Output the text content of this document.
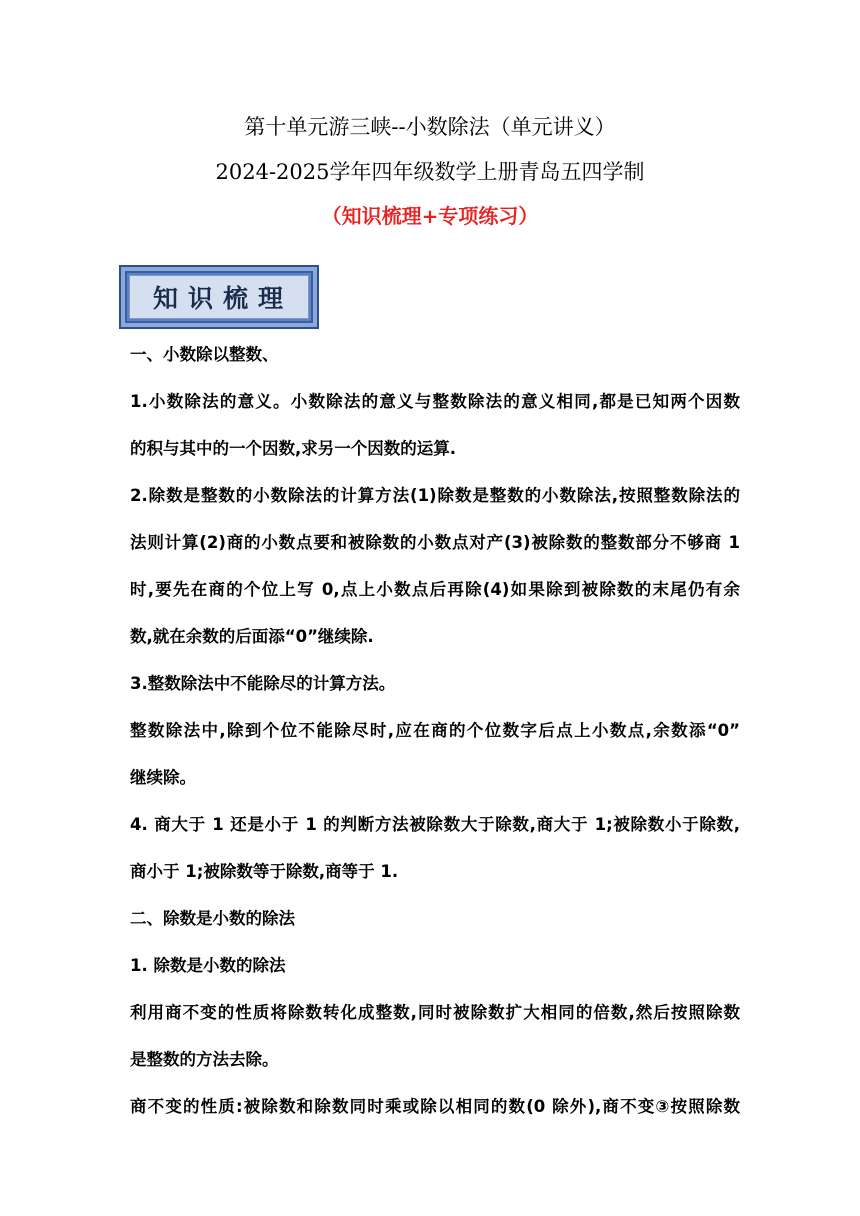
第十单元游三峡--小数除法（单元讲义）
2024-2025学年四年级数学上册青岛五四学制
（知识梳理+专项练习）
知识梳理

一、小数除以整数、

1.小数除法的意义。小数除法的意义与整数除法的意义相同,都是已知两个因数

的积与其中的一个因数,求另一个因数的运算.

2.除数是整数的小数除法的计算方法(1)除数是整数的小数除法,按照整数除法的

法则计算(2)商的小数点要和被除数的小数点对产(3)被除数的整数部分不够商 1

时,要先在商的个位上写 0,点上小数点后再除(4)如果除到被除数的末尾仍有余

数,就在余数的后面添“0”继续除.

3.整数除法中不能除尽的计算方法。

整数除法中,除到个位不能除尽时,应在商的个位数字后点上小数点,余数添“0”

继续除。

4. 商大于 1 还是小于 1 的判断方法被除数大于除数,商大于 1;被除数小于除数,

商小于 1;被除数等于除数,商等于 1.

二、除数是小数的除法

1. 除数是小数的除法

利用商不变的性质将除数转化成整数,同时被除数扩大相同的倍数,然后按照除数

是整数的方法去除。

商不变的性质:被除数和除数同时乘或除以相同的数(0 除外),商不变③按照除数
